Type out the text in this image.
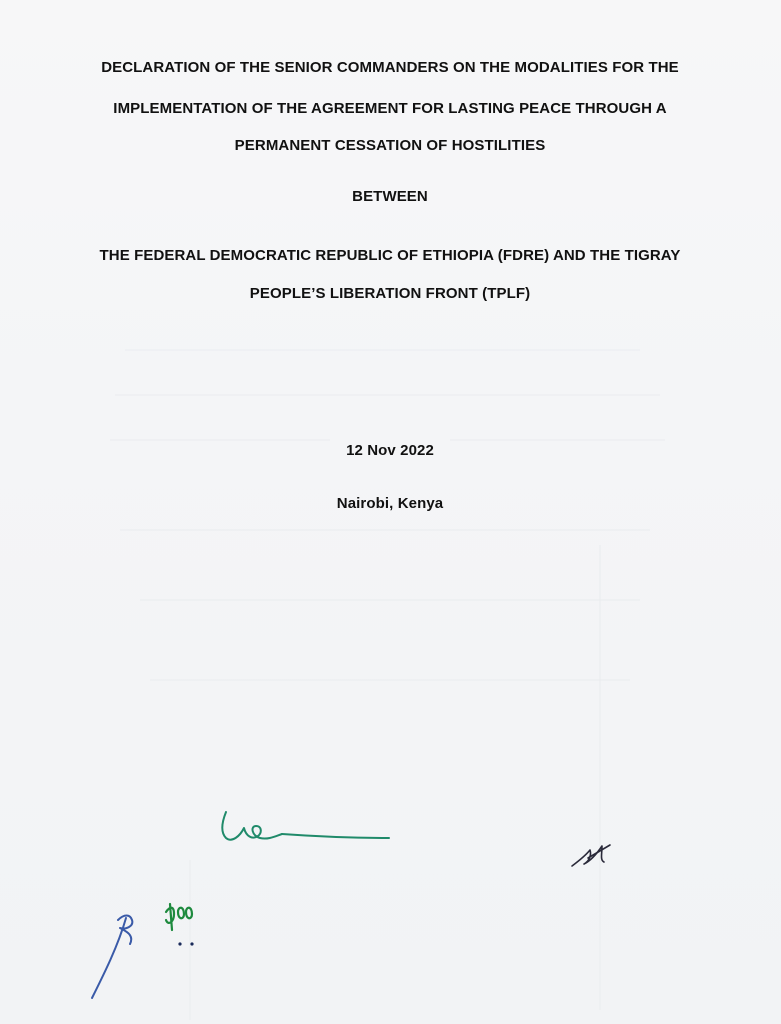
DECLARATION OF THE SENIOR COMMANDERS ON THE MODALITIES FOR THE
IMPLEMENTATION OF THE AGREEMENT FOR LASTING PEACE THROUGH A
PERMANENT CESSATION OF HOSTILITIES
BETWEEN
THE FEDERAL DEMOCRATIC REPUBLIC OF ETHIOPIA (FDRE) AND THE TIGRAY
PEOPLE’S LIBERATION FRONT (TPLF)
12 Nov 2022
Nairobi, Kenya
